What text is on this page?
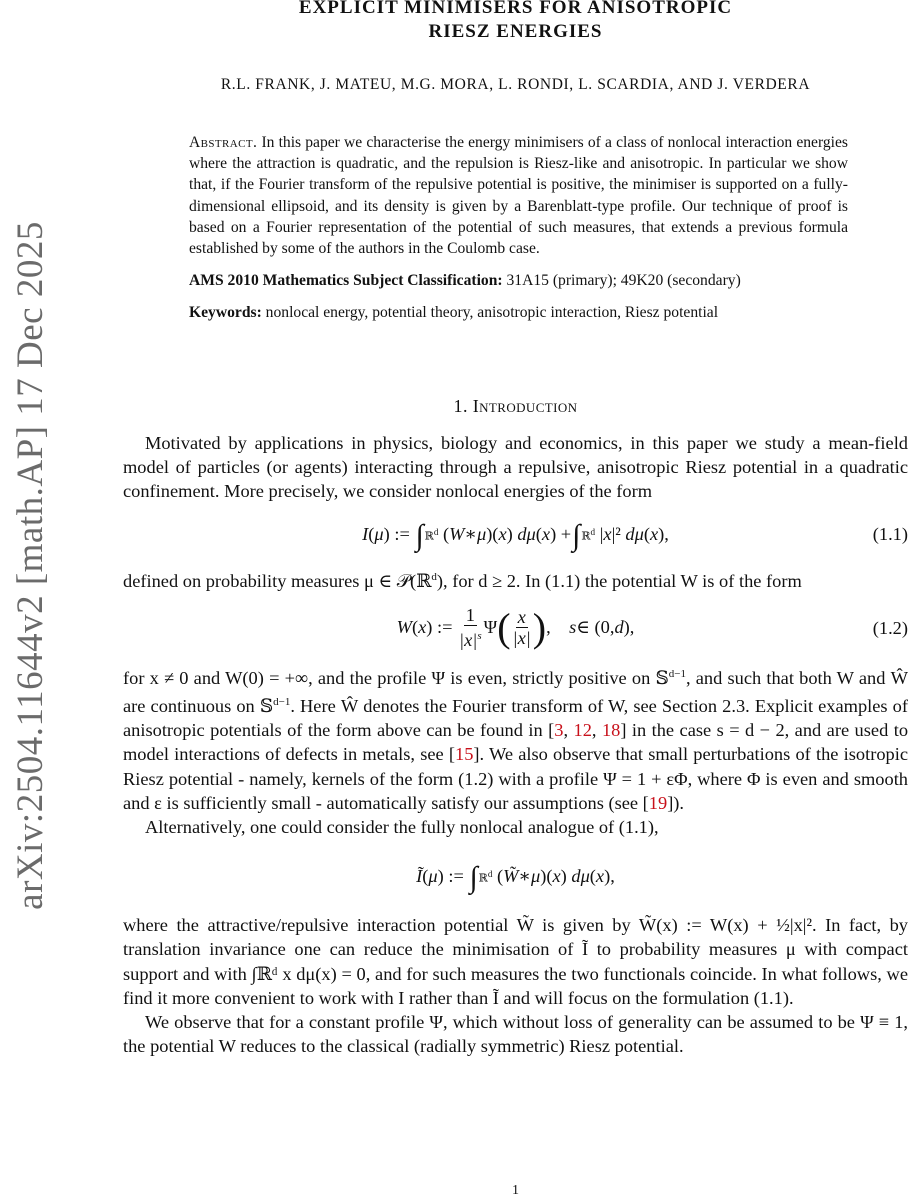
arXiv:2504.11644v2 [math.AP] 17 Dec 2025
EXPLICIT MINIMISERS FOR ANISOTROPIC
RIESZ ENERGIES
R.L. FRANK, J. MATEU, M.G. MORA, L. RONDI, L. SCARDIA, AND J. VERDERA
Abstract. In this paper we characterise the energy minimisers of a class of nonlocal interaction energies where the attraction is quadratic, and the repulsion is Riesz-like and anisotropic. In particular we show that, if the Fourier transform of the repulsive potential is positive, the minimiser is supported on a fully-dimensional ellipsoid, and its density is given by a Barenblatt-type profile. Our technique of proof is based on a Fourier representation of the potential of such measures, that extends a previous formula established by some of the authors in the Coulomb case.
AMS 2010 Mathematics Subject Classification: 31A15 (primary); 49K20 (secondary)
Keywords: nonlocal energy, potential theory, anisotropic interaction, Riesz potential
1. Introduction

Motivated by applications in physics, biology and economics, in this paper we study a mean-field model of particles (or agents) interacting through a repulsive, anisotropic Riesz potential in a quadratic confinement. More precisely, we consider nonlocal energies of the form

I ( μ ) := ∫ ℝ$^d$ ( W ∗ μ )( x ) d μ ( x ) + ∫ ℝ$^d$ | x |² d μ ( x ),	(1.1)

defined on probability measures μ ∈ 𝒫(ℝ$^d$), for d ≥ 2. In (1.1) the potential W is of the form

W ( x ) := $\frac{1}{|x|^s}$ Ψ ( $\frac{x}{|x|}$ ) , s ∈ (0, d ),	(1.2)

for x ≠ 0 and W(0) = +∞, and the profile Ψ is even, strictly positive on 𝕊$^{d-1}$, and such that both W and Ŵ are continuous on 𝕊$^{d-1}$. Here Ŵ denotes the Fourier transform of W, see Section 2.3. Explicit examples of anisotropic potentials of the form above can be found in [3, 12, 18] in the case s = d − 2, and are used to model interactions of defects in metals, see [15]. We also observe that small perturbations of the isotropic Riesz potential - namely, kernels of the form (1.2) with a profile Ψ = 1 + εΦ, where Φ is even and smooth and ε is sufficiently small - automatically satisfy our assumptions (see [19]).

Alternatively, one could consider the fully nonlocal analogue of (1.1),

Ĩ ( μ ) := ∫ ℝ$^d$ ( W̃ ∗ μ )( x ) d μ ( x ),

where the attractive/repulsive interaction potential W̃ is given by W̃(x) := W(x) + ½|x|². In fact, by translation invariance one can reduce the minimisation of Ĩ to probability measures μ with compact support and with ∫ℝᵈ x dμ(x) = 0, and for such measures the two functionals coincide. In what follows, we find it more convenient to work with I rather than Ĩ and will focus on the formulation (1.1).

We observe that for a constant profile Ψ, which without loss of generality can be assumed to be Ψ ≡ 1, the potential W reduces to the classical (radially symmetric) Riesz potential.

1
